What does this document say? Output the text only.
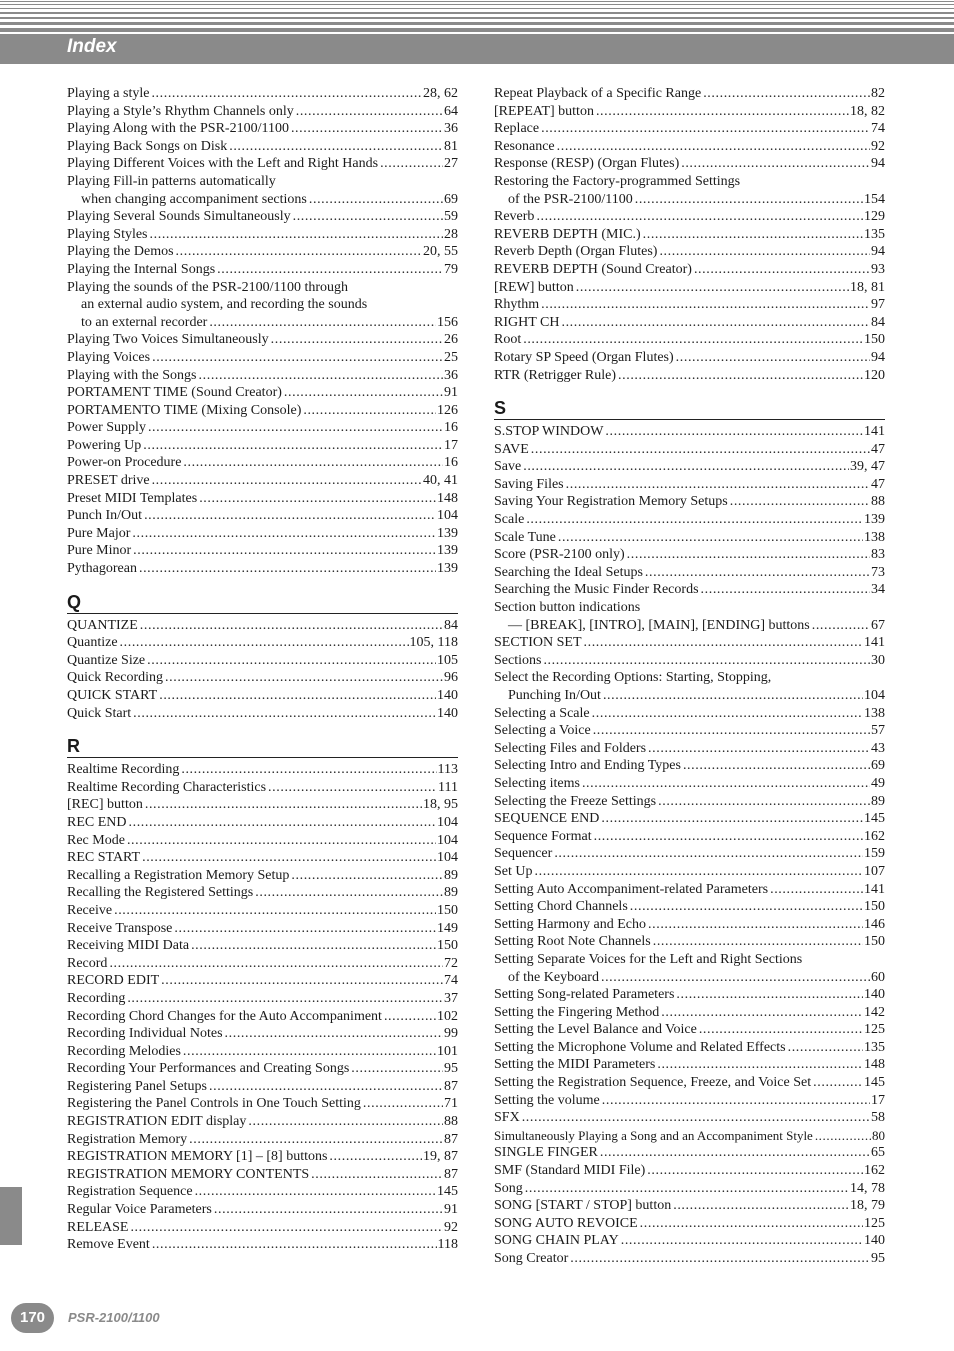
Index
Playing a style .....	28, 62
Playing a Style’s Rhythm Channels only .....	64
Playing Along with the PSR-2100/1100 .....	36
Playing Back Songs on Disk .....	81
Playing Different Voices with the Left and Right Hands .....	27
Playing Fill-in patterns automatically
when changing accompaniment sections .....	69
Playing Several Sounds Simultaneously .....	59
Playing Styles .....	28
Playing the Demos .....	20, 55
Playing the Internal Songs .....	79
Playing the sounds of the PSR-2100/1100 through
an external audio system, and recording the sounds
to an external recorder .....	156
Playing Two Voices Simultaneously .....	26
Playing Voices .....	25
Playing with the Songs .....	36
PORTAMENT TIME (Sound Creator) .....	91
PORTAMENTO TIME (Mixing Console) .....	126
Power Supply .....	16
Powering Up .....	17
Power-on Procedure .....	16
PRESET drive .....	40, 41
Preset MIDI Templates .....	148
Punch In/Out .....	104
Pure Major .....	139
Pure Minor .....	139
Pythagorean .....	139
Q
QUANTIZE .....	84
Quantize .....	105, 118
Quantize Size .....	105
Quick Recording .....	96
QUICK START .....	140
Quick Start .....	140
R
Realtime Recording .....	113
Realtime Recording Characteristics .....	111
[REC] button .....	18, 95
REC END .....	104
Rec Mode .....	104
REC START .....	104
Recalling a Registration Memory Setup .....	89
Recalling the Registered Settings .....	89
Receive .....	150
Receive Transpose .....	149
Receiving MIDI Data .....	150
Record .....	72
RECORD EDIT .....	74
Recording .....	37
Recording Chord Changes for the Auto Accompaniment .....	102
Recording Individual Notes .....	99
Recording Melodies .....	101
Recording Your Performances and Creating Songs .....	95
Registering Panel Setups .....	87
Registering the Panel Controls in One Touch Setting .....	71
REGISTRATION EDIT display .....	88
Registration Memory .....	87
REGISTRATION MEMORY [1] – [8] buttons .....	19, 87
REGISTRATION MEMORY CONTENTS .....	87
Registration Sequence .....	145
Regular Voice Parameters .....	91
RELEASE .....	92
Remove Event .....	118
Repeat Playback of a Specific Range .....	82
[REPEAT] button .....	18, 82
Replace .....	74
Resonance .....	92
Response (RESP) (Organ Flutes) .....	94
Restoring the Factory-programmed Settings
of the PSR-2100/1100 .....	154
Reverb .....	129
REVERB DEPTH (MIC.) .....	135
Reverb Depth (Organ Flutes) .....	94
REVERB DEPTH (Sound Creator) .....	93
[REW] button .....	18, 81
Rhythm .....	97
RIGHT CH .....	84
Root .....	150
Rotary SP Speed (Organ Flutes) .....	94
RTR (Retrigger Rule) .....	120
S
S.STOP WINDOW .....	141
SAVE .....	47
Save .....	39, 47
Saving Files .....	47
Saving Your Registration Memory Setups .....	88
Scale .....	139
Scale Tune .....	138
Score (PSR-2100 only) .....	83
Searching the Ideal Setups .....	73
Searching the Music Finder Records .....	34
Section button indications
— [BREAK], [INTRO], [MAIN], [ENDING] buttons .....	67
SECTION SET .....	141
Sections .....	30
Select the Recording Options: Starting, Stopping,
Punching In/Out .....	104
Selecting a Scale .....	138
Selecting a Voice .....	57
Selecting Files and Folders .....	43
Selecting Intro and Ending Types .....	69
Selecting items .....	49
Selecting the Freeze Settings .....	89
SEQUENCE END .....	145
Sequence Format .....	162
Sequencer .....	159
Set Up .....	107
Setting Auto Accompaniment-related Parameters .....	141
Setting Chord Channels .....	150
Setting Harmony and Echo .....	146
Setting Root Note Channels .....	150
Setting Separate Voices for the Left and Right Sections
of the Keyboard .....	60
Setting Song-related Parameters .....	140
Setting the Fingering Method .....	142
Setting the Level Balance and Voice .....	125
Setting the Microphone Volume and Related Effects .....	135
Setting the MIDI Parameters .....	148
Setting the Registration Sequence, Freeze, and Voice Set .....	145
Setting the volume .....	17
SFX .....	58
Simultaneously Playing a Song and an Accompaniment Style .....	80
SINGLE FINGER .....	65
SMF (Standard MIDI File) .....	162
Song .....	14, 78
SONG [START / STOP] button .....	18, 79
SONG AUTO REVOICE .....	125
SONG CHAIN PLAY .....	140
Song Creator .....	95
170	PSR-2100/1100
